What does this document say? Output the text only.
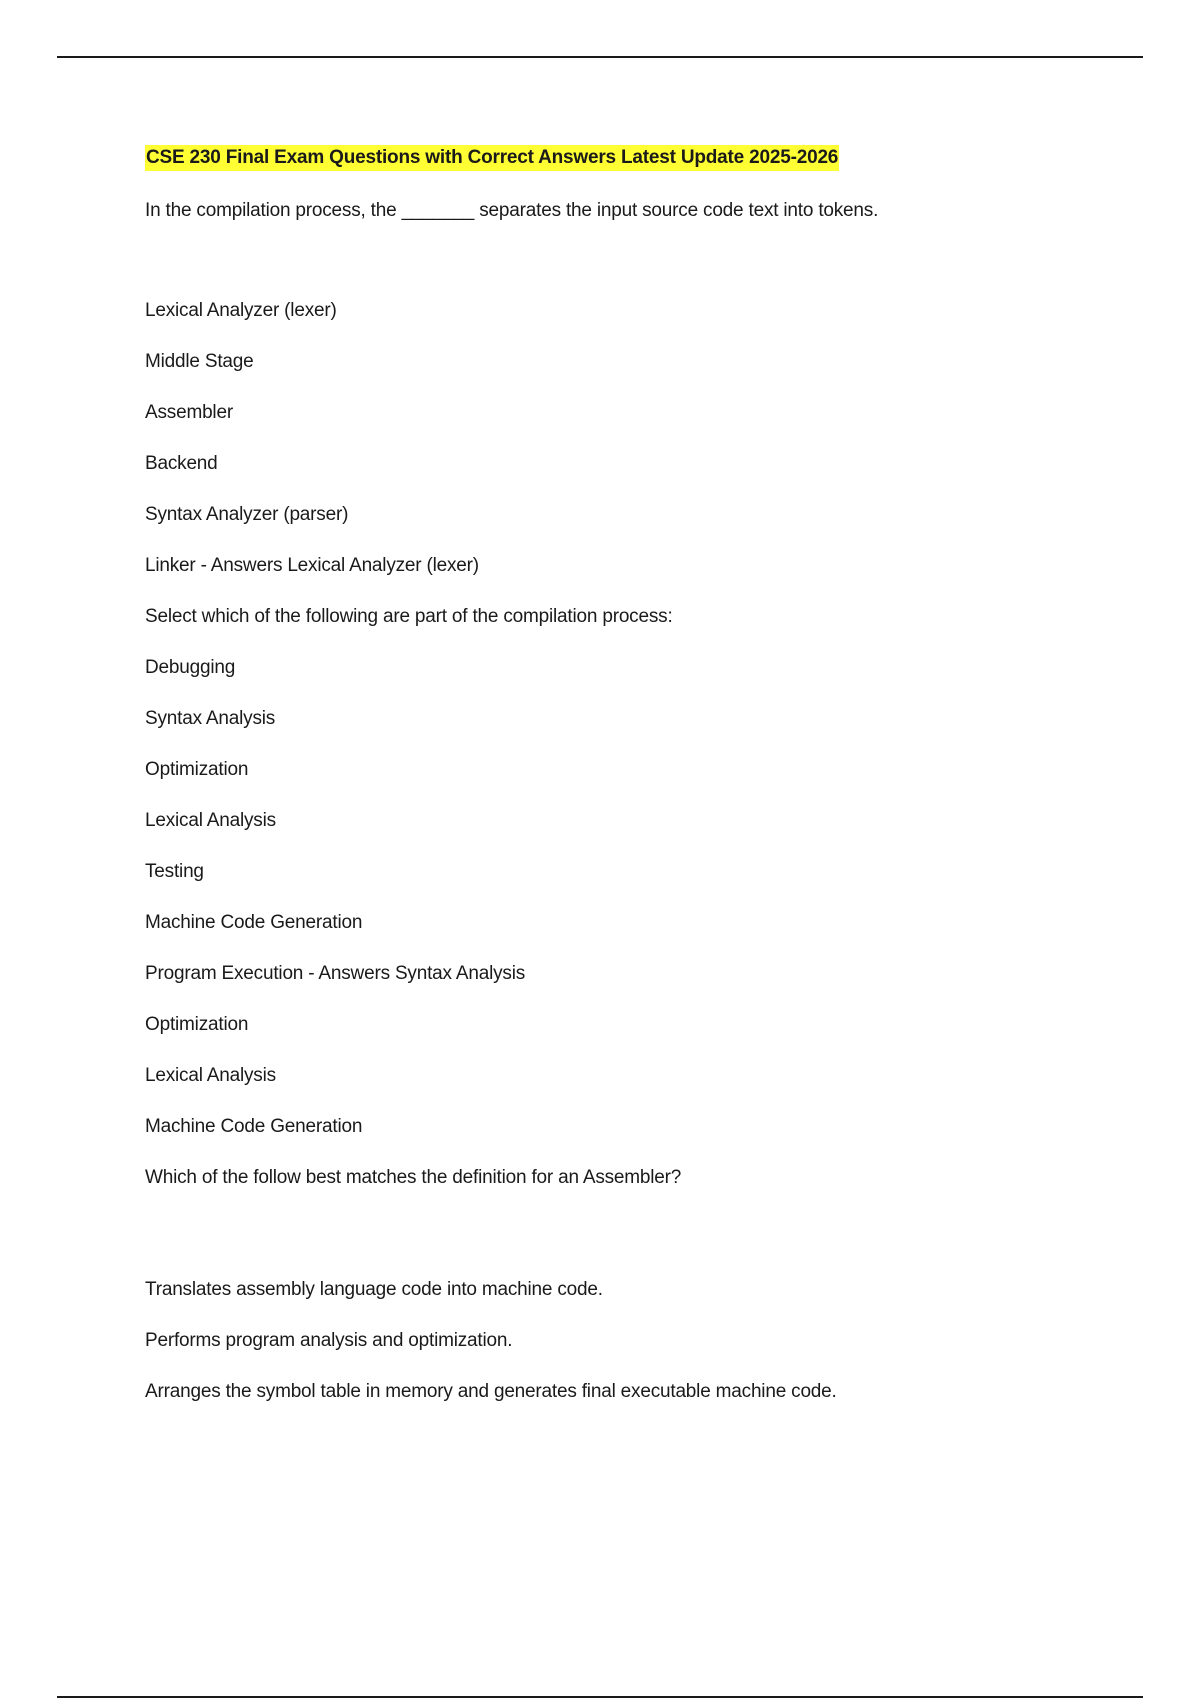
CSE 230 Final Exam Questions with Correct Answers Latest Update 2025-2026

In the compilation process, the _______ separates the input source code text into tokens.

Lexical Analyzer (lexer)

Middle Stage

Assembler

Backend

Syntax Analyzer (parser)

Linker - Answers Lexical Analyzer (lexer)

Select which of the following are part of the compilation process:

Debugging

Syntax Analysis

Optimization

Lexical Analysis

Testing

Machine Code Generation

Program Execution - Answers Syntax Analysis

Optimization

Lexical Analysis

Machine Code Generation

Which of the follow best matches the definition for an Assembler?

Translates assembly language code into machine code.

Performs program analysis and optimization.

Arranges the symbol table in memory and generates final executable machine code.
